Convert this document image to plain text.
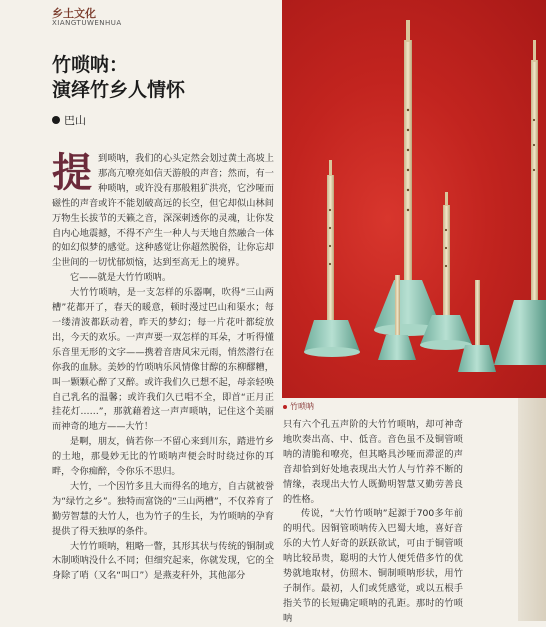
乡土文化
XIANGTUWENHUA
竹唢呐：
演绎竹乡人情怀
巴山

提到唢呐，我们的心头定然会划过黄土高坡上那高亢嘹亮如信天游般的声音；然而，有一种唢呐，或许没有那般粗犷洪亮，它沙哑而磁性的声音或许不能划破高远的长空，但它却似山林间万物生长拔节的天籁之音，深深刺透你的灵魂，让你发自内心地震撼，不得不产生一种人与天地自然融合一体的如幻似梦的感觉。这种感觉让你超然脱俗，让你忘却尘世间的一切忧郁烦恼，达到至高无上的境界。

它——就是大竹竹唢呐。

大竹竹唢呐，是一支怎样的乐器啊，吹得“三山两槽”花都开了，春天的暖意，顿时漫过巴山和渠水；每一缕清波都跃动着，昨天的梦幻；每一片花叶都绽放出，今天的欢乐。一声声要一双怎样的耳朵，才听得懂乐音里无形的文字——携着音唐风宋元雨，悄然潜行在你我的血脉。美妙的竹唢呐乐风情像甘醇的东柳醪糟，叫一颗颗心醉了又醉。或许我们久已想不起，母亲轻唤自己乳名的温馨；或许我们久已唱不全，即首“正月正挂花灯……”，那就藉着这一声声唢呐，记住这个美丽而神奇的地方——大竹！

是啊，朋友，倘若你一不留心来到川东，踏进竹乡的土地，那曼妙无比的竹唢呐声便会时时绕过你的耳畔，令你痴醉，令你乐不思归。

大竹，一个因竹多且大而得名的地方，自古就被誉为“绿竹之乡”。独特而富饶的“三山两槽”，不仅养育了勤劳智慧的大竹人，也为竹子的生长，为竹唢呐的孕育提供了得天独厚的条件。

大竹竹唢呐，粗略一瞥，其形其状与传统的铜制或木制唢呐没什么不同；但细究起来，你就发现，它的全身除了哨（又名“叫口”）是燕麦秆外，其他部分

竹唢呐

只有六个孔五声阶的大竹竹唢呐，却可神奇地吹奏出高、中、低音。音色虽不及铜管唢呐的清脆和嘹亮，但其略具沙哑而滞涩的声音却恰到好处地表现出大竹人与竹养不断的情缘，表现出大竹人既勤明智慧又勤劳善良的性格。

传说，“大竹竹唢呐”起源于700多年前的明代。因铜管唢呐传入巴蜀大地，喜好音乐的大竹人好奇的跃跃欲试，可由于铜管唢呐比较昂贵，聪明的大竹人便凭借多竹的优势就地取材，仿照木、铜制唢呐形状，用竹子制作。最初，人们或凭感觉，或以五根手指关节的长短确定唢呐的孔距。那时的竹唢呐
